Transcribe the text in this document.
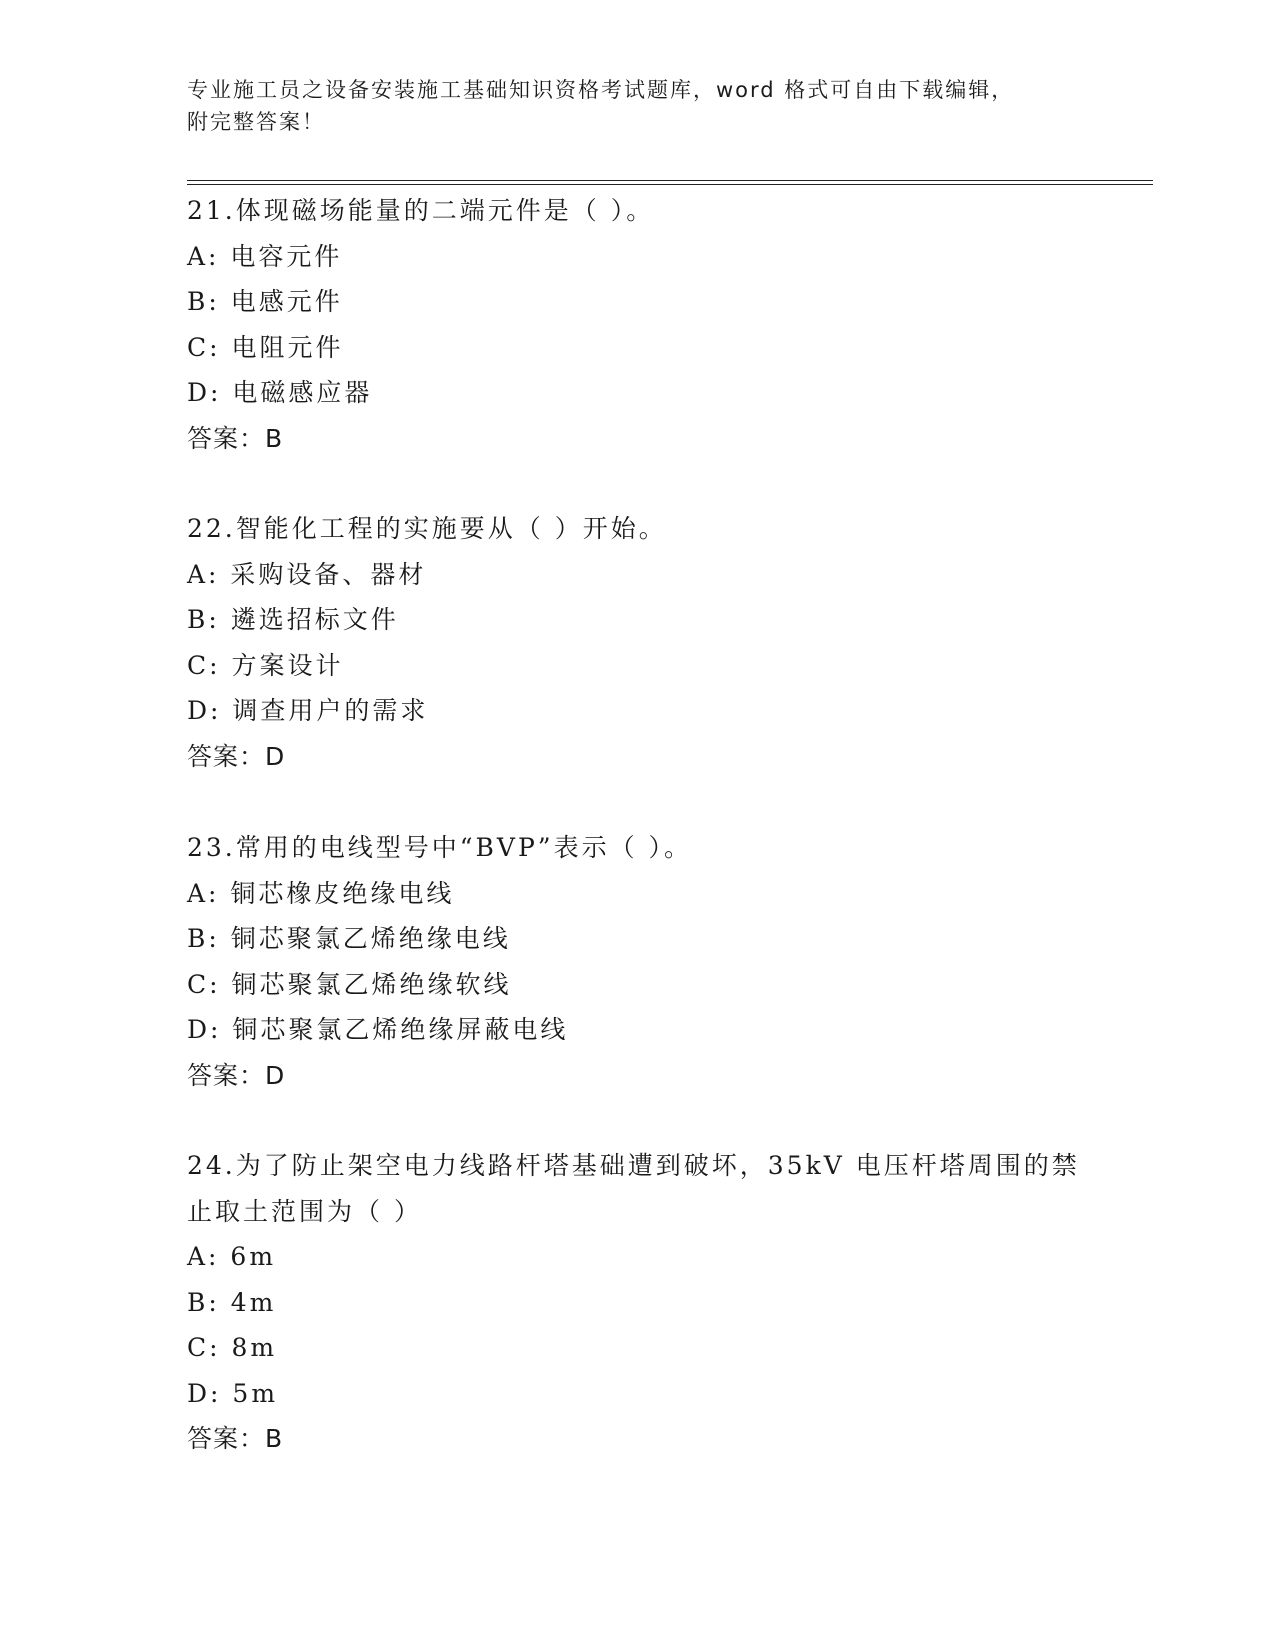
专业施工员之设备安装施工基础知识资格考试题库，word 格式可自由下载编辑，
附完整答案！
21.体现磁场能量的二端元件是（ ）。
A: 电容元件
B: 电感元件
C: 电阻元件
D: 电磁感应器
答案：B
22.智能化工程的实施要从（ ）开始。
A: 采购设备、器材
B: 遴选招标文件
C: 方案设计
D: 调查用户的需求
答案：D
23.常用的电线型号中“BVP”表示（ ）。
A: 铜芯橡皮绝缘电线
B: 铜芯聚氯乙烯绝缘电线
C: 铜芯聚氯乙烯绝缘软线
D: 铜芯聚氯乙烯绝缘屏蔽电线
答案：D
24.为了防止架空电力线路杆塔基础遭到破坏，35kV 电压杆塔周围的禁
止取土范围为（ ）
A: 6m
B: 4m
C: 8m
D: 5m
答案：B
